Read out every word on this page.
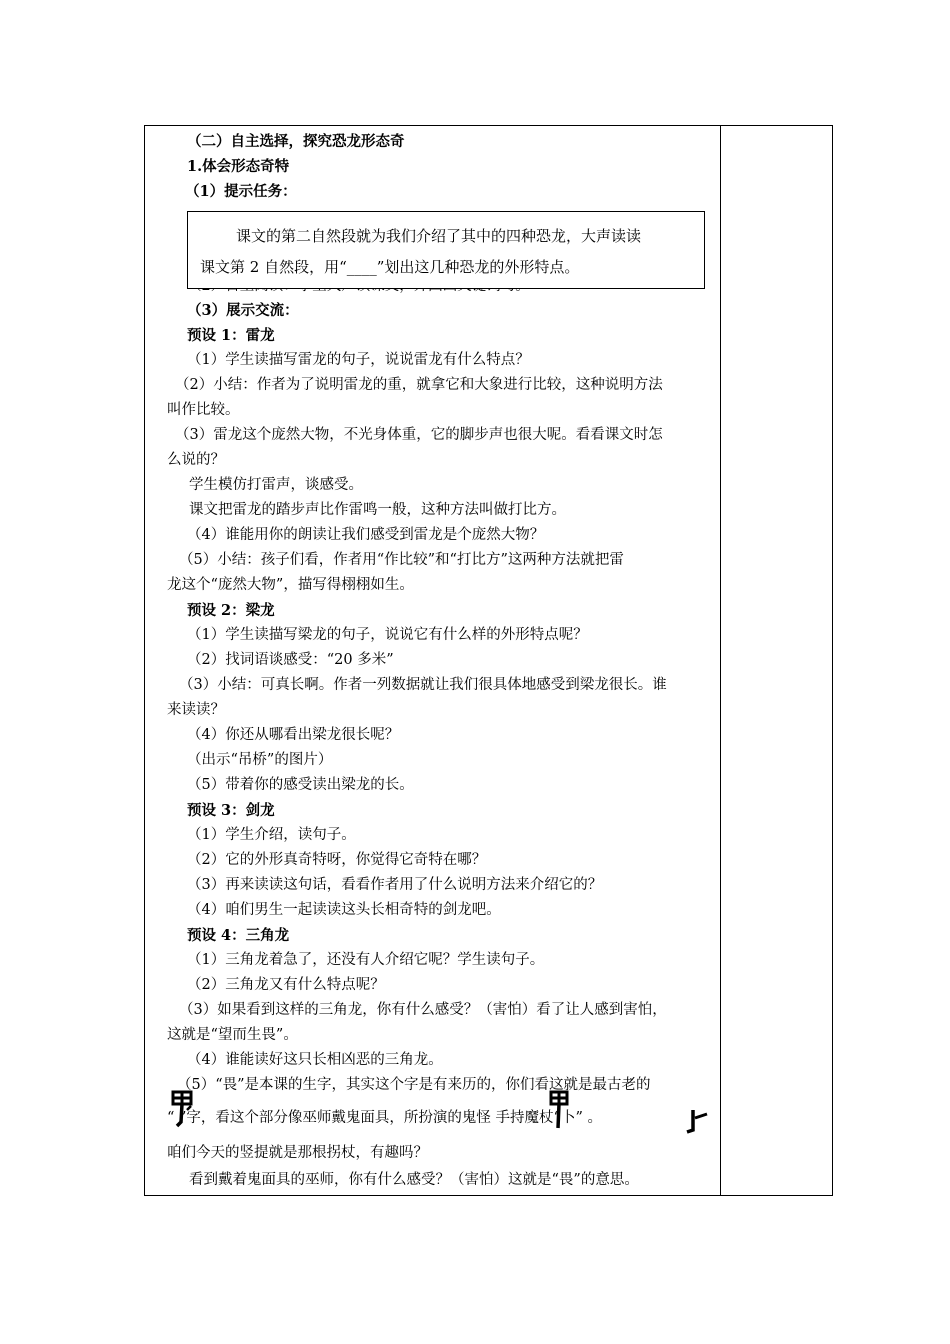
（二）自主选择，探究恐龙形态奇
1.体会形态奇特
（1）提示任务：
课文的第二自然段就为我们介绍了其中的四种恐龙，大声读读
课文第 2 自然段，用“____”划出这几种恐龙的外形特点。
（3）展示交流：
预设 1：雷龙
（1）学生读描写雷龙的句子，说说雷龙有什么特点？
（2）小结：作者为了说明雷龙的重，就拿它和大象进行比较，这种说明方法
叫作比较。
（3）雷龙这个庞然大物，不光身体重，它的脚步声也很大呢。看看课文时怎
么说的？
学生模仿打雷声，谈感受。
课文把雷龙的踏步声比作雷鸣一般，这种方法叫做打比方。
（4）谁能用你的朗读让我们感受到雷龙是个庞然大物？
（5）小结：孩子们看，作者用“作比较”和“打比方”这两种方法就把雷
龙这个“庞然大物”，描写得栩栩如生。
预设 2：梁龙
（1）学生读描写梁龙的句子，说说它有什么样的外形特点呢？
（2）找词语谈感受：“20 多米”
（3）小结：可真长啊。作者一列数据就让我们很具体地感受到梁龙很长。谁
来读读？
（4）你还从哪看出梁龙很长呢？
（出示“吊桥”的图片）
（5）带着你的感受读出梁龙的长。
预设 3：剑龙
（1）学生介绍，读句子。
（2）它的外形真奇特呀，你觉得它奇特在哪？
（3）再来读读这句话，看看作者用了什么说明方法来介绍它的？
（4）咱们男生一起读读这头长相奇特的剑龙吧。
预设 4：三角龙
（1）三角龙着急了，还没有人介绍它呢？学生读句子。
（2）三角龙又有什么特点呢？
（3）如果看到这样的三角龙，你有什么感受？（害怕）看了让人感到害怕，
这就是“望而生畏”。
（4）谁能读好这只长相凶恶的三角龙。
（5）“畏”是本课的生字，其实这个字是有来历的，你们看这就是最古老的
“ ”字，看这个部分像巫师戴鬼面具，所扮演的鬼怪 手持魔杖“卜” 。
咱们今天的竖提就是那根拐杖，有趣吗？
看到戴着鬼面具的巫师，你有什么感受？（害怕）这就是“畏”的意思。
